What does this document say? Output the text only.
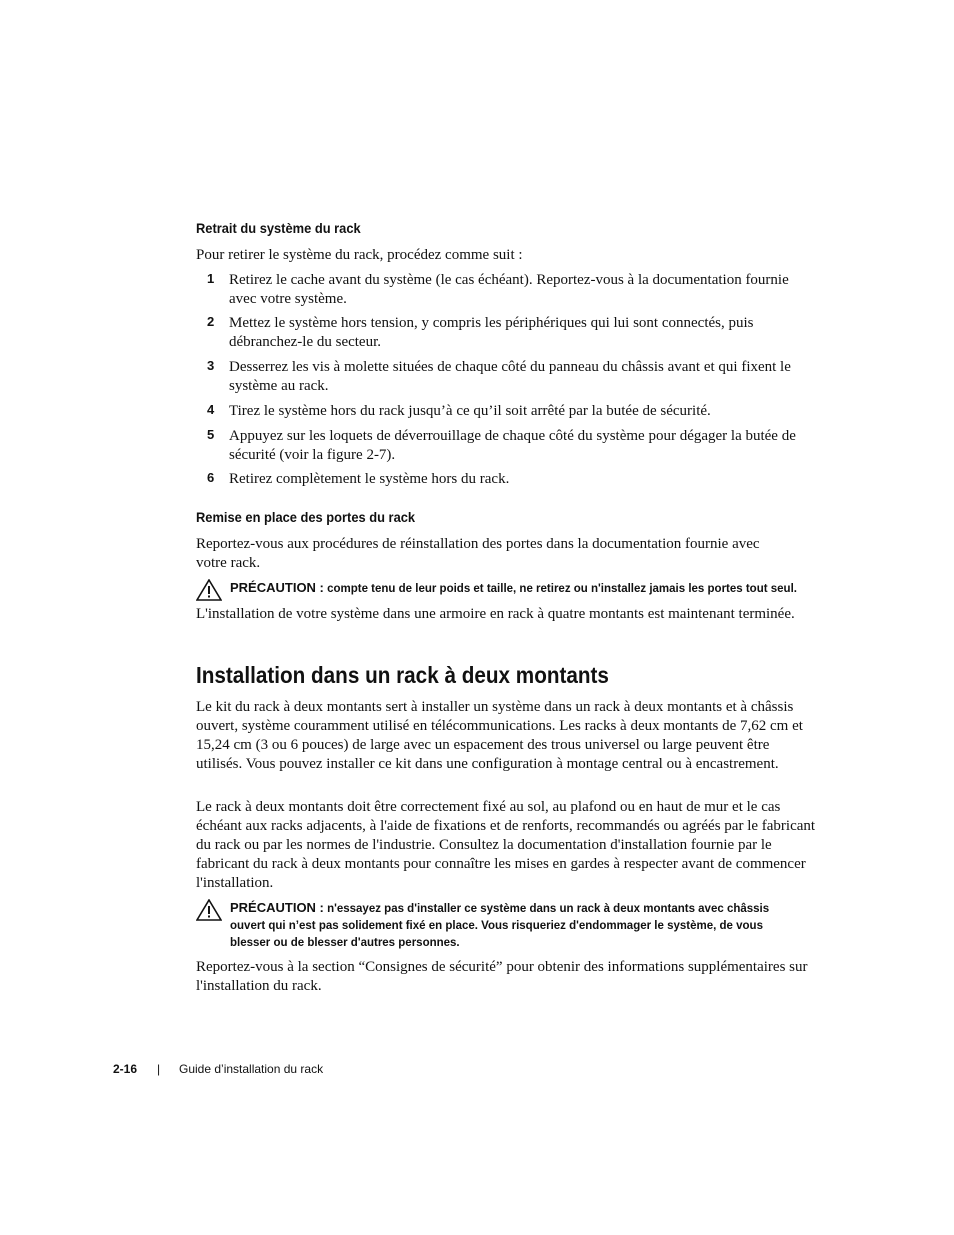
Retrait du système du rack
Pour retirer le système du rack, procédez comme suit :
1 Retirez le cache avant du système (le cas échéant). Reportez-vous à la documentation fournie avec votre système.
2 Mettez le système hors tension, y compris les périphériques qui lui sont connectés, puis débranchez-le du secteur.
3 Desserrez les vis à molette situées de chaque côté du panneau du châssis avant et qui fixent le système au rack.
4 Tirez le système hors du rack jusqu’à ce qu’il soit arrêté par la butée de sécurité.
5 Appuyez sur les loquets de déverrouillage de chaque côté du système pour dégager la butée de sécurité (voir la figure 2-7).
6 Retirez complètement le système hors du rack.
Remise en place des portes du rack
Reportez-vous aux procédures de réinstallation des portes dans la documentation fournie avec votre rack.
PRÉCAUTION : compte tenu de leur poids et taille, ne retirez ou n'installez jamais les portes tout seul.
L'installation de votre système dans une armoire en rack à quatre montants est maintenant terminée.
Installation dans un rack à deux montants
Le kit du rack à deux montants sert à installer un système dans un rack à deux montants et à châssis ouvert, système couramment utilisé en télécommunications. Les racks à deux montants de 7,62 cm et 15,24 cm (3 ou 6 pouces) de large avec un espacement des trous universel ou large peuvent être utilisés. Vous pouvez installer ce kit dans une configuration à montage central ou à encastrement.
Le rack à deux montants doit être correctement fixé au sol, au plafond ou en haut de mur et le cas échéant aux racks adjacents, à l'aide de fixations et de renforts, recommandés ou agréés par le fabricant du rack ou par les normes de l'industrie. Consultez la documentation d'installation fournie par le fabricant du rack à deux montants pour connaître les mises en gardes à respecter avant de commencer l'installation.
PRÉCAUTION : n'essayez pas d'installer ce système dans un rack à deux montants avec châssis ouvert qui n’est pas solidement fixé en place. Vous risqueriez d'endommager le système, de vous blesser ou de blesser d'autres personnes.
Reportez-vous à la section “Consignes de sécurité” pour obtenir des informations supplémentaires sur l'installation du rack.
2-16 | Guide d’installation du rack
